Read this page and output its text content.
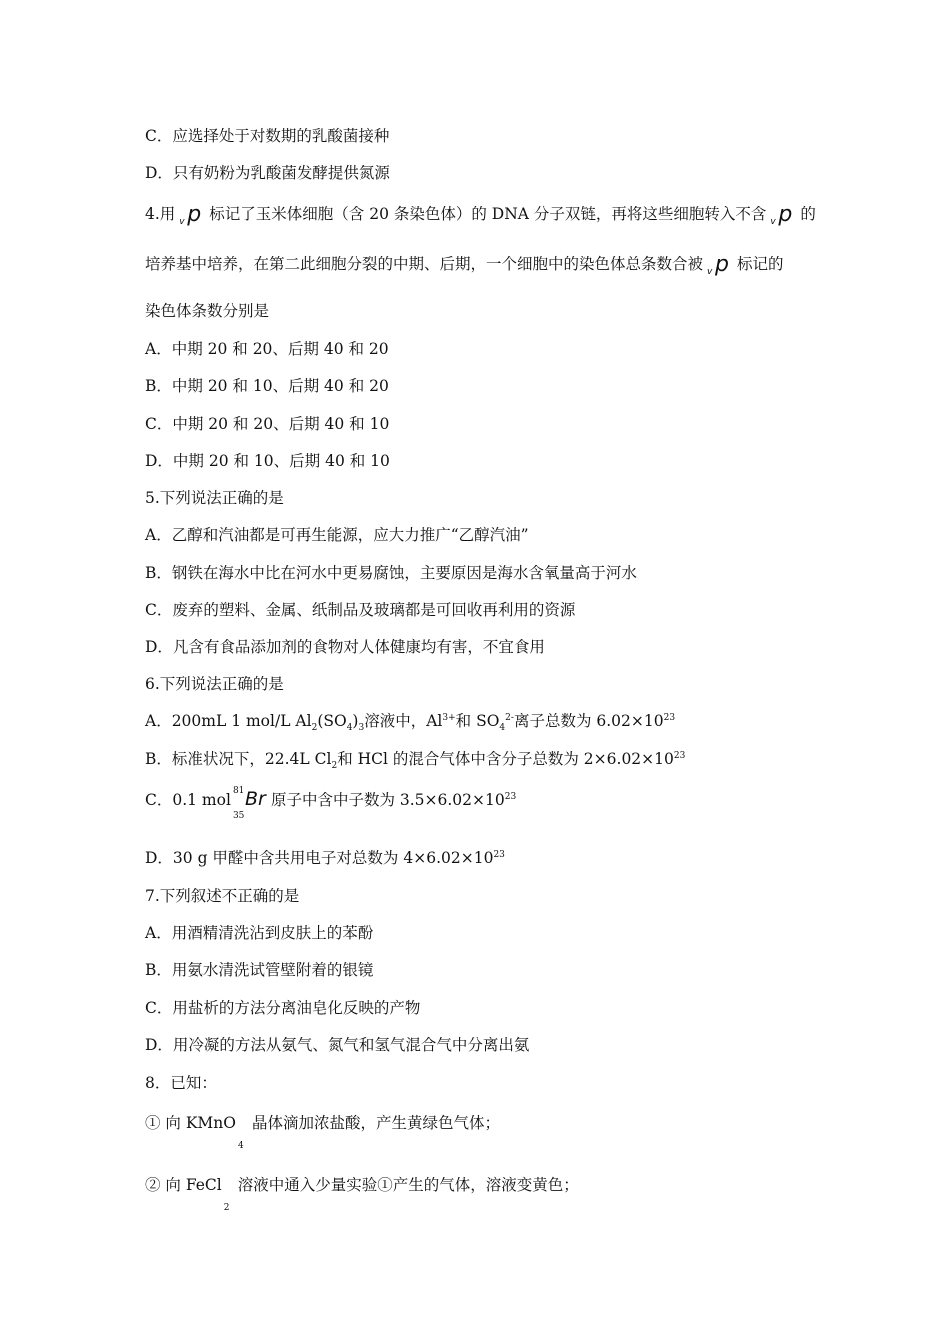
C．应选择处于对数期的乳酸菌接种
D．只有奶粉为乳酸菌发酵提供氮源
4.用 v p 标记了玉米体细胞（含 20 条染色体）的 DNA 分子双链，再将这些细胞转入不含 v p 的
培养基中培养，在第二此细胞分裂的中期、后期，一个细胞中的染色体总条数合被 v p 标记的
染色体条数分别是
A．中期 20 和 20、后期 40 和 20
B．中期 20 和 10、后期 40 和 20
C．中期 20 和 20、后期 40 和 10
D．中期 20 和 10、后期 40 和 10
5.下列说法正确的是
A．乙醇和汽油都是可再生能源，应大力推广“乙醇汽油”
B．钢铁在海水中比在河水中更易腐蚀，主要原因是海水含氧量高于河水
C．废弃的塑料、金属、纸制品及玻璃都是可回收再利用的资源
D．凡含有食品添加剂的食物对人体健康均有害，不宜食用
6.下列说法正确的是
A．200mL 1 mol/L $Al_2(SO_4)_3$溶液中，$Al^{3+}$和 $SO_4^{2-}$离子总数为 $6.02\times 10^{23}$
B．标准状况下，22.4L $Cl_2$和 HCl 的混合气体中含分子总数为 $2\times 6.02\times 10^{23}$
C．0.1 mol 81
35
Br 原子中含中子数为 $3.5\times 6.02\times 10^{23}$
D．30 g 甲醛中含共用电子对总数为 $4\times 6.02\times 10^{23}$
7.下列叙述不正确的是
A．用酒精清洗沾到皮肤上的苯酚
B．用氨水清洗试管壁附着的银镜
C．用盐析的方法分离油皂化反映的产物
D．用冷凝的方法从氨气、氮气和氢气混合气中分离出氨
8．已知：
① 向 KMnO
4
晶体滴加浓盐酸，产生黄绿色气体；
② 向 FeCl
2
溶液中通入少量实验①产生的气体，溶液变黄色；
